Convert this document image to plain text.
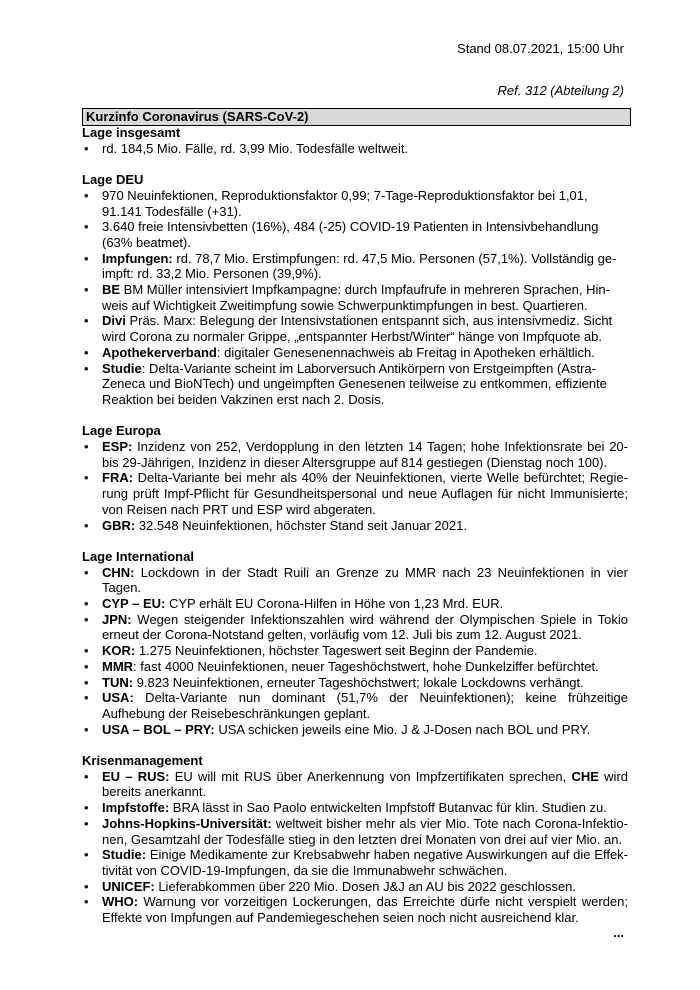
Stand 08.07.2021, 15:00 Uhr
Ref. 312 (Abteilung 2)
Kurzinfo Coronavirus (SARS-CoV-2)
Lage insgesamt
• rd. 184,5 Mio. Fälle, rd. 3,99 Mio. Todesfälle weltweit.
Lage DEU
• 970 Neuinfektionen, Reproduktionsfaktor 0,99; 7-Tage-Reproduktionsfaktor bei 1,01, 91.141 Todesfälle (+31).
• 3.640 freie Intensivbetten (16%), 484 (-25) COVID-19 Patienten in Intensivbehandlung (63% beatmet).
• Impfungen: rd. 78,7 Mio. Erstimpfungen: rd. 47,5 Mio. Personen (57,1%). Vollständig ge-impft: rd. 33,2 Mio. Personen (39,9%).
• BE BM Müller intensiviert Impfkampagne: durch Impfaufrufe in mehreren Sprachen, Hin-weis auf Wichtigkeit Zweitimpfung sowie Schwerpunktimpfungen in best. Quartieren.
• Divi Präs. Marx: Belegung der Intensivstationen entspannt sich, aus intensivmediz. Sicht wird Corona zu normaler Grippe, „entspannter Herbst/Winter“ hänge von Impfquote ab.
• Apothekerverband: digitaler Genesenennachweis ab Freitag in Apotheken erhältlich.
• Studie: Delta-Variante scheint im Laborversuch Antikörpern von Erstgeimpften (Astra-Zeneca und BioNTech) und ungeimpften Genesenen teilweise zu entkommen, effiziente Reaktion bei beiden Vakzinen erst nach 2. Dosis.
Lage Europa
• ESP: Inzidenz von 252, Verdopplung in den letzten 14 Tagen; hohe Infektionsrate bei 20-bis 29-Jährigen, Inzidenz in dieser Altersgruppe auf 814 gestiegen (Dienstag noch 100).
• FRA: Delta-Variante bei mehr als 40% der Neuinfektionen, vierte Welle befürchtet; Regie-rung prüft Impf-Pflicht für Gesundheitspersonal und neue Auflagen für nicht Immunisierte; von Reisen nach PRT und ESP wird abgeraten.
• GBR: 32.548 Neuinfektionen, höchster Stand seit Januar 2021.
Lage International
• CHN: Lockdown in der Stadt Ruili an Grenze zu MMR nach 23 Neuinfektionen in vier Tagen.
• CYP – EU: CYP erhält EU Corona-Hilfen in Höhe von 1,23 Mrd. EUR.
• JPN: Wegen steigender Infektionszahlen wird während der Olympischen Spiele in Tokio erneut der Corona-Notstand gelten, vorläufig vom 12. Juli bis zum 12. August 2021.
• KOR: 1.275 Neuinfektionen, höchster Tageswert seit Beginn der Pandemie.
• MMR: fast 4000 Neuinfektionen, neuer Tageshöchstwert, hohe Dunkelziffer befürchtet.
• TUN: 9.823 Neuinfektionen, erneuter Tageshöchstwert; lokale Lockdowns verhängt.
• USA: Delta-Variante nun dominant (51,7% der Neuinfektionen); keine frühzeitige Aufhebung der Reisebeschränkungen geplant.
• USA – BOL – PRY: USA schicken jeweils eine Mio. J & J-Dosen nach BOL und PRY.
Krisenmanagement
• EU – RUS: EU will mit RUS über Anerkennung von Impfzertifikaten sprechen, CHE wird bereits anerkannt.
• Impfstoffe: BRA lässt in Sao Paolo entwickelten Impfstoff Butanvac für klin. Studien zu.
• Johns-Hopkins-Universität: weltweit bisher mehr als vier Mio. Tote nach Corona-Infektio-nen, Gesamtzahl der Todesfälle stieg in den letzten drei Monaten von drei auf vier Mio. an.
• Studie: Einige Medikamente zur Krebsabwehr haben negative Auswirkungen auf die Effek-tivität von COVID-19-Impfungen, da sie die Immunabwehr schwächen.
• UNICEF: Lieferabkommen über 220 Mio. Dosen J&J an AU bis 2022 geschlossen.
• WHO: Warnung vor vorzeitigen Lockerungen, das Erreichte dürfe nicht verspielt werden; Effekte von Impfungen auf Pandemiegeschehen seien noch nicht ausreichend klar.
...
